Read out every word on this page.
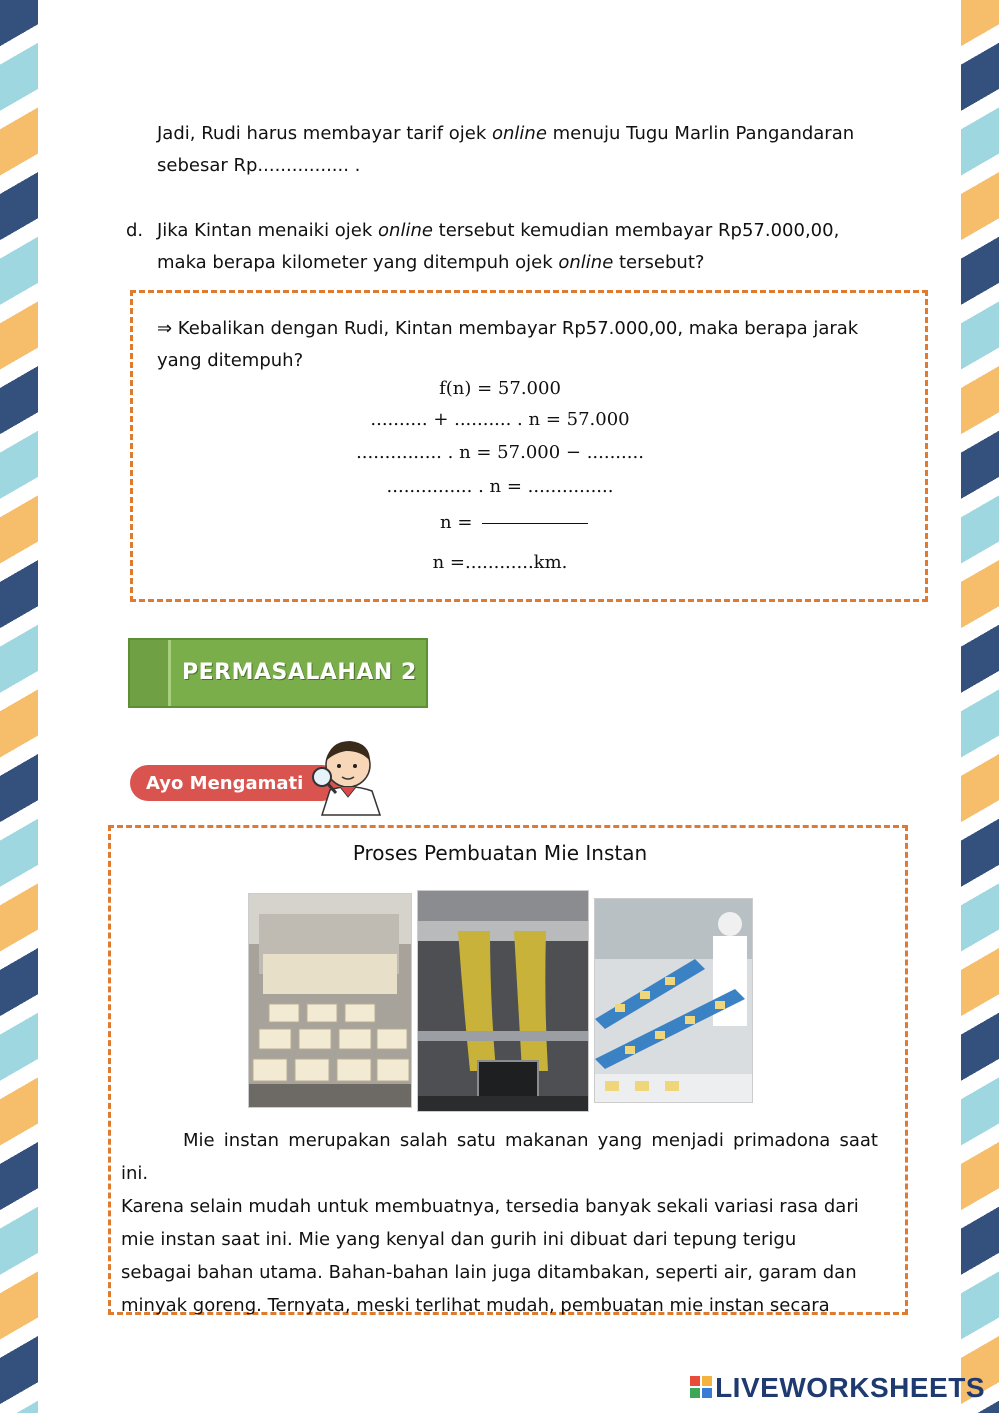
Jadi, Rudi harus membayar tarif ojek online menuju Tugu Marlin Pangandaran
sebesar Rp................ .
d. Jika Kintan menaiki ojek online tersebut kemudian membayar Rp57.000,00,
maka berapa kilometer yang ditempuh ojek online tersebut?
⇒ Kebalikan dengan Rudi, Kintan membayar Rp57.000,00, maka berapa jarak
yang ditempuh?
f(n) = 57.000
.......... + .......... . n = 57.000
............... . n = 57.000 − ..........
............... . n = ...............
n =
n =............km.
PERMASALAHAN 2
Ayo Mengamati
Proses Pembuatan Mie Instan
Mie instan merupakan salah satu makanan yang menjadi primadona saat ini.
Karena selain mudah untuk membuatnya, tersedia banyak sekali variasi rasa dari
mie instan saat ini. Mie yang kenyal dan gurih ini dibuat dari tepung terigu
sebagai bahan utama. Bahan-bahan lain juga ditambakan, seperti air, garam dan
minyak goreng. Ternyata, meski terlihat mudah, pembuatan mie instan secara
LIVEWORKSHEETS
